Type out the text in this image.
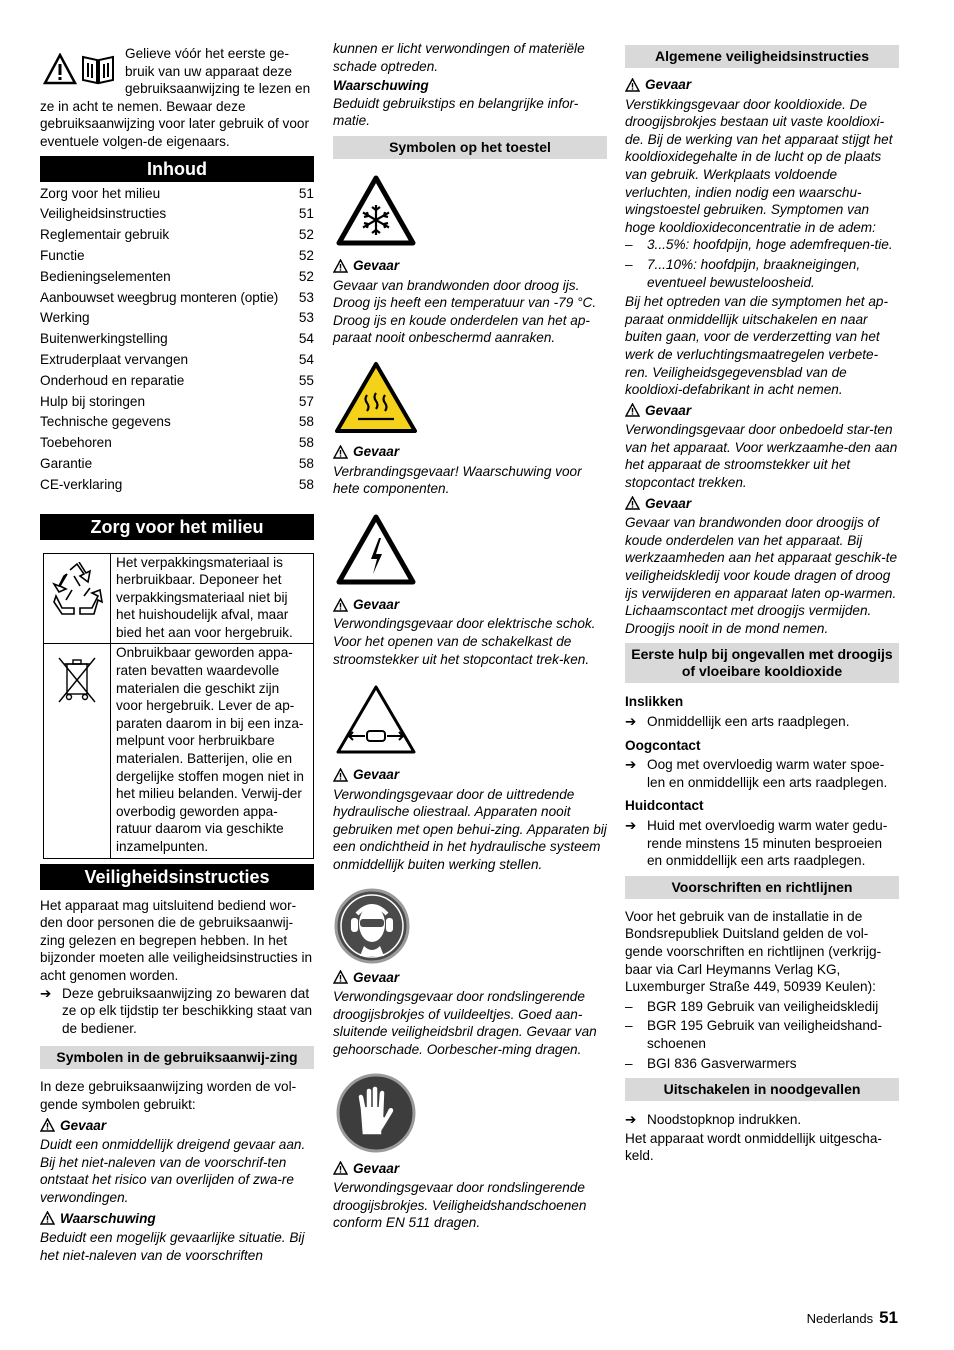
Gelieve vóór het eerste ge-bruik van uw apparaat deze gebruiksaanwijzing te lezen en ze in acht te nemen. Bewaar deze gebruiksaanwijzing voor later gebruik of voor eventuele volgen-de eigenaars.

Inhoud
Zorg voor het milieu	51
Veiligheidsinstructies	51
Reglementair gebruik	52
Functie	52
Bedieningselementen	52
Aanbouwset weegbrug monteren (optie)	53
Werking	53
Buitenwerkingstelling	54
Extruderplaat vervangen	54
Onderhoud en reparatie	55
Hulp bij storingen	57
Technische gegevens	58
Toebehoren	58
Garantie	58
CE-verklaring	58
Zorg voor het milieu
Het verpakkingsmateriaal is herbruikbaar. Deponeer het verpakkingsmateriaal niet bij het huishoudelijk afval, maar bied het aan voor hergebruik.
Onbruikbaar geworden appa-raten bevatten waardevolle materialen die geschikt zijn voor hergebruik. Lever de ap-paraten daarom in bij een inza-melpunt voor herbruikbare materialen. Batterijen, olie en dergelijke stoffen mogen niet in het milieu belanden. Verwij-der overbodig geworden appa-ratuur daarom via geschikte inzamelpunten.
Veiligheidsinstructies

Het apparaat mag uitsluitend bediend wor-den door personen die de gebruiksaanwij-zing gelezen en begrepen hebben. In het bijzonder moeten alle veiligheidsinstructies in acht genomen worden.

➔ Deze gebruiksaanwijzing zo bewaren dat ze op elk tijdstip ter beschikking staat van de bediener.
Symbolen in de gebruiksaanwij-zing

In deze gebruiksaanwijzing worden de vol-gende symbolen gebruikt:

Gevaar

Duidt een onmiddellijk dreigend gevaar aan. Bij het niet-naleven van de voorschrif-ten ontstaat het risico van overlijden of zwa-re verwondingen.

Waarschuwing

Beduidt een mogelijk gevaarlijke situatie. Bij het niet-naleven van de voorschriften

kunnen er licht verwondingen of materiële schade optreden.

Waarschuwing

Beduidt gebruikstips en belangrijke infor-matie.

Symbolen op het toestel
Gevaar

Gevaar van brandwonden door droog ijs. Droog ijs heeft een temperatuur van -79 °C. Droog ijs en koude onderdelen van het ap-paraat nooit onbeschermd aanraken.

Gevaar

Verbrandingsgevaar! Waarschuwing voor hete componenten.

Gevaar

Verwondingsgevaar door elektrische schok. Voor het openen van de schakelkast de stroomstekker uit het stopcontact trek-ken.

Gevaar

Verwondingsgevaar door de uittredende hydraulische oliestraal. Apparaten nooit gebruiken met open behui-zing. Apparaten bij een ondichtheid in het hydraulische systeem onmiddellijk buiten werking stellen.

Gevaar

Verwondingsgevaar door rondslingerende droogijsbrokjes of vuildeeltjes. Goed aan-sluitende veiligheidsbril dragen. Gevaar van gehoorschade. Oorbescher-ming dragen.

Gevaar

Verwondingsgevaar door rondslingerende droogijsbrokjes. Veiligheidshandschoenen conform EN 511 dragen.

Algemene veiligheidsinstructies
Gevaar

Verstikkingsgevaar door kooldioxide. De droogijsbrokjes bestaan uit vaste kooldioxi-de. Bij de werking van het apparaat stijgt het kooldioxidegehalte in de lucht op de plaats van gebruik. Werkplaats voldoende verluchten, indien nodig een waarschu-wingstoestel gebruiken. Symptomen van hoge kooldioxideconcentratie in de adem:

–	3...5%: hoofdpijn, hoge ademfrequen-tie.
–	7...10%: hoofdpijn, braakneigingen, eventueel bewusteloosheid.

Bij het optreden van die symptomen het ap-paraat onmiddellijk uitschakelen en naar buiten gaan, voor de verderzetting van het werk de verluchtingsmaatregelen verbete-ren. Veiligheidsgegevensblad van de kooldioxi-defabrikant in acht nemen.

Gevaar

Verwondingsgevaar door onbedoeld star-ten van het apparaat. Voor werkzaamhe-den aan het apparaat de stroomstekker uit het stopcontact trekken.

Gevaar

Gevaar van brandwonden door droogijs of koude onderdelen van het apparaat. Bij werkzaamheden aan het apparaat geschik-te veiligheidskledij voor koude dragen of droog ijs verwijderen en apparaat laten op-warmen. Lichaamscontact met droogijs vermijden. Droogijs nooit in de mond nemen.

Eerste hulp bij ongevallen met droogijs of vloeibare kooldioxide

Inslikken

➔ Onmiddellijk een arts raadplegen.

Oogcontact

➔ Oog met overvloedig warm water spoe-len en onmiddellijk een arts raadplegen.

Huidcontact

➔ Huid met overvloedig warm water gedu-rende minstens 15 minuten besproeien en onmiddellijk een arts raadplegen.
Voorschriften en richtlijnen

Voor het gebruik van de installatie in de Bondsrepubliek Duitsland gelden de vol-gende voorschriften en richtlijnen (verkrijg-baar via Carl Heymanns Verlag KG, Luxemburger Straße 449, 50939 Keulen):

–	BGR 189 Gebruik van veiligheidskledij
–	BGR 195 Gebruik van veiligheidshand-schoenen
–	BGI 836 Gasverwarmers
Uitschakelen in noodgevallen
➔ Noodstopknop indrukken.

Het apparaat wordt onmiddellijk uitgescha-keld.

Nederlands 51
